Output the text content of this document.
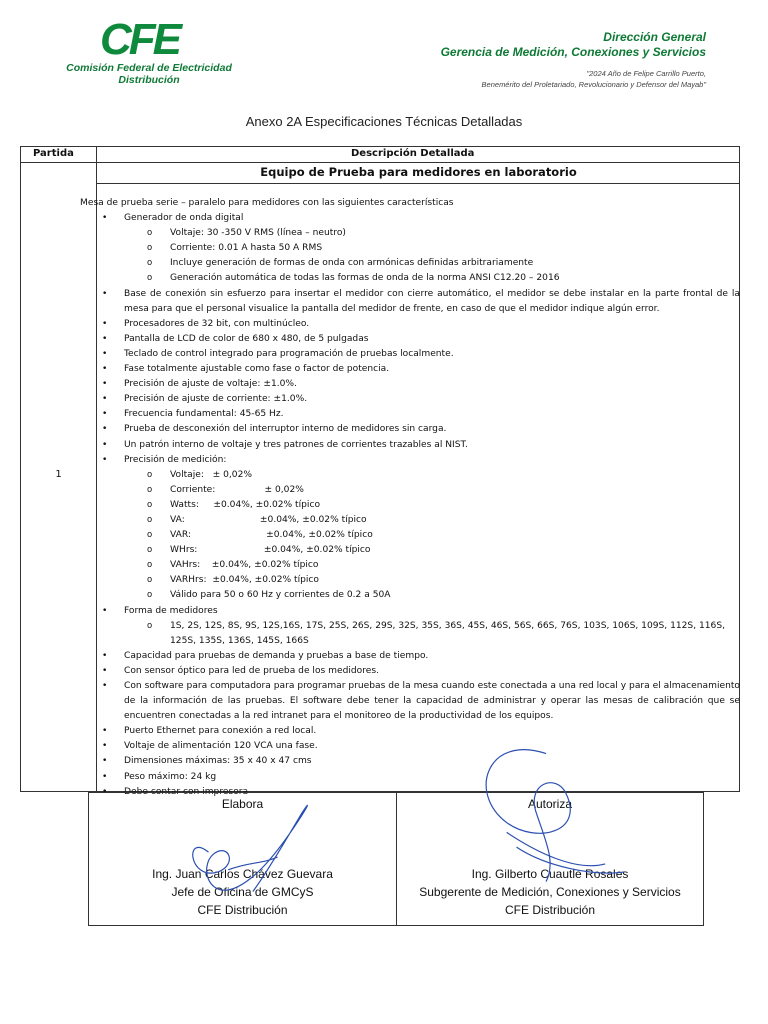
CFE
Comisión Federal de Electricidad
Distribución
Dirección General
Gerencia de Medición, Conexiones y Servicios
"2024 Año de Felipe Carrillo Puerto,
Benemérito del Proletariado, Revolucionario y Defensor del Mayab"
Anexo 2A Especificaciones Técnicas Detalladas
Partida	Descripción Detallada
Equipo de Prueba para medidores en laboratorio
1

Mesa de prueba serie – paralelo para medidores con las siguientes características

• Generador de onda digital
o Voltaje: 30 -350 V RMS (línea – neutro)
o Corriente: 0.01 A hasta 50 A RMS
o Incluye generación de formas de onda con armónicas definidas arbitrariamente
o Generación automática de todas las formas de onda de la norma ANSI C12.20 – 2016
• Base de conexión sin esfuerzo para insertar el medidor con cierre automático, el medidor se debe instalar en la parte frontal de la mesa para que el personal visualice la pantalla del medidor de frente, en caso de que el medidor indique algún error.
• Procesadores de 32 bit, con multinúcleo.
• Pantalla de LCD de color de 680 x 480, de 5 pulgadas
• Teclado de control integrado para programación de pruebas localmente.
• Fase totalmente ajustable como fase o factor de potencia.
• Precisión de ajuste de voltaje: ±1.0%.
• Precisión de ajuste de corriente: ±1.0%.
• Frecuencia fundamental: 45-65 Hz.
• Prueba de desconexión del interruptor interno de medidores sin carga.
• Un patrón interno de voltaje y tres patrones de corrientes trazables al NIST.
• Precisión de medición:
o Voltaje:   ± 0,02%
o Corriente:                 ± 0,02%
o Watts:     ±0.04%, ±0.02% típico
o VA:                          ±0.04%, ±0.02% típico
o VAR:                          ±0.04%, ±0.02% típico
o WHrs:                       ±0.04%, ±0.02% típico
o VAHrs:    ±0.04%, ±0.02% típico
o VARHrs:  ±0.04%, ±0.02% típico
o Válido para 50 o 60 Hz y corrientes de 0.2 a 50A
• Forma de medidores
o 1S, 2S, 12S, 8S, 9S, 12S,16S, 17S, 25S, 26S, 29S, 32S, 35S, 36S, 45S, 46S, 56S, 66S, 76S, 103S, 106S, 109S, 112S, 116S, 125S, 135S, 136S, 145S, 166S
• Capacidad para pruebas de demanda y pruebas a base de tiempo.
• Con sensor óptico para led de prueba de los medidores.
• Con software para computadora para programar pruebas de la mesa cuando este conectada a una red local y para el almacenamiento de la información de las pruebas. El software debe tener la capacidad de administrar y operar las mesas de calibración que se encuentren conectadas a la red intranet para el monitoreo de la productividad de los equipos.
• Puerto Ethernet para conexión a red local.
• Voltaje de alimentación 120 VCA una fase.
• Dimensiones máximas: 35 x 40 x 47 cms
• Peso máximo: 24 kg
• Debe contar con impresora
Elabora
Ing. Juan Carlos Chávez Guevara
Jefe de Oficina de GMCyS
CFE Distribución
Autoriza
Ing. Gilberto Cuautle Rosales
Subgerente de Medición, Conexiones y Servicios
CFE Distribución
